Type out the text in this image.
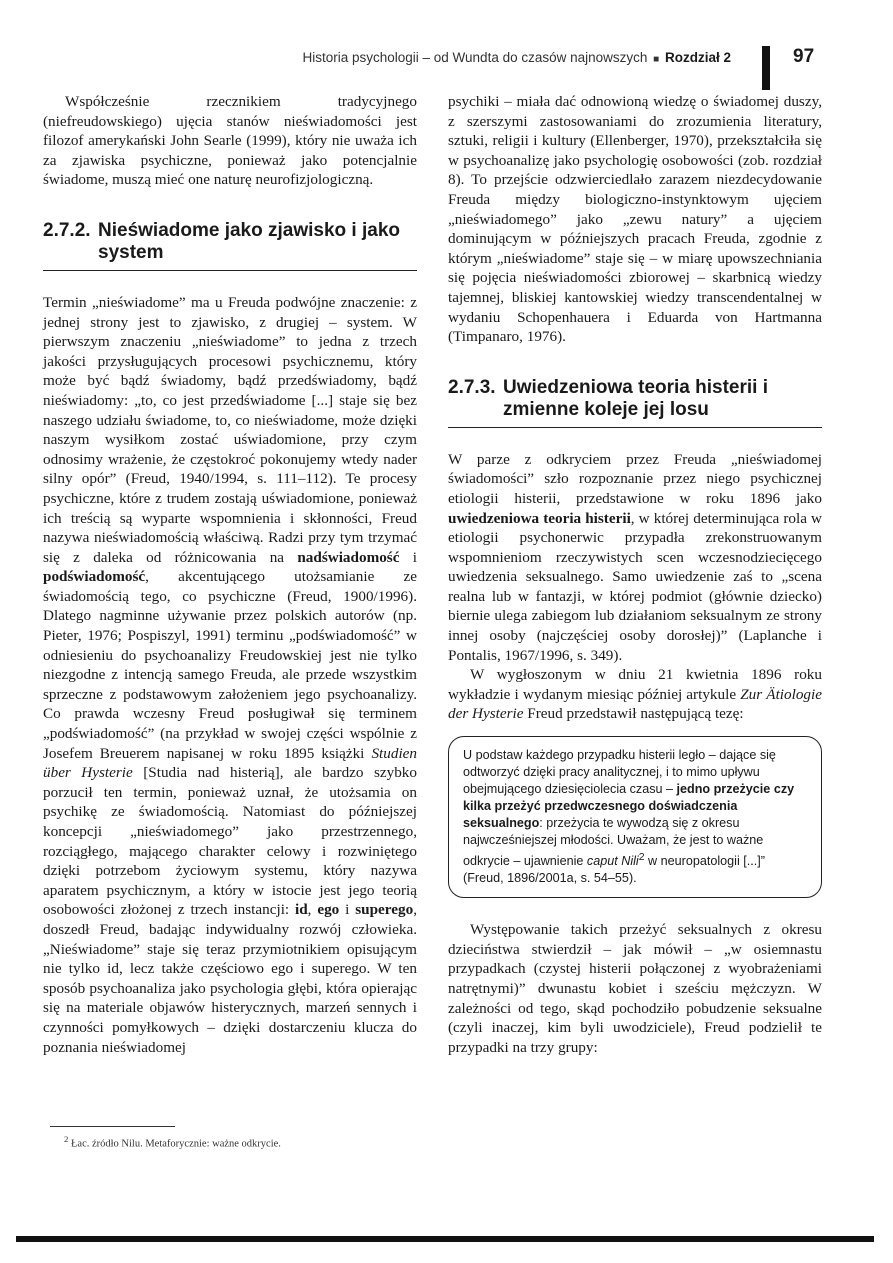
Historia psychologii – od Wundta do czasów najnowszych ■ Rozdział 2	97

Współcześnie rzecznikiem tradycyjnego (niefreudowskiego) ujęcia stanów nieświadomości jest filozof amerykański John Searle (1999), który nie uważa ich za zjawiska psychiczne, ponieważ jako potencjalnie świadome, muszą mieć one naturę neurofizjologiczną.

2.7.2. Nieświadome jako zjawisko i jako system

Termin „nieświadome” ma u Freuda podwójne znaczenie: z jednej strony jest to zjawisko, z drugiej – system. W pierwszym znaczeniu „nieświadome” to jedna z trzech jakości przysługujących procesowi psychicznemu, który może być bądź świadomy, bądź przedświadomy, bądź nieświadomy: „to, co jest przedświadome [...] staje się bez naszego udziału świadome, to, co nieświadome, może dzięki naszym wysiłkom zostać uświadomione, przy czym odnosimy wrażenie, że częstokroć pokonujemy wtedy nader silny opór” (Freud, 1940/1994, s. 111–112). Te procesy psychiczne, które z trudem zostają uświadomione, ponieważ ich treścią są wyparte wspomnienia i skłonności, Freud nazywa nieświadomością właściwą. Radzi przy tym trzymać się z daleka od różnicowania na nadświadomość i podświadomość, akcentującego utożsamianie ze świadomością tego, co psychiczne (Freud, 1900/1996). Dlatego nagminne używanie przez polskich autorów (np. Pieter, 1976; Pospiszyl, 1991) terminu „podświadomość” w odniesieniu do psychoanalizy Freudowskiej jest nie tylko niezgodne z intencją samego Freuda, ale przede wszystkim sprzeczne z podstawowym założeniem jego psychoanalizy. Co prawda wczesny Freud posługiwał się terminem „podświadomość” (na przykład w swojej części wspólnie z Josefem Breuerem napisanej w roku 1895 książki Studien über Hysterie [Studia nad histerią], ale bardzo szybko porzucił ten termin, ponieważ uznał, że utożsamia on psychikę ze świadomością. Natomiast do późniejszej koncepcji „nieświadomego” jako przestrzennego, rozciągłego, mającego charakter celowy i rozwiniętego dzięki potrzebom życiowym systemu, który nazywa aparatem psychicznym, a który w istocie jest jego teorią osobowości złożonej z trzech instancji: id, ego i superego, doszedł Freud, badając indywidualny rozwój człowieka. „Nieświadome” staje się teraz przymiotnikiem opisującym nie tylko id, lecz także częściowo ego i superego. W ten sposób psychoanaliza jako psychologia głębi, która opierając się na materiale objawów histerycznych, marzeń sennych i czynności pomyłkowych – dzięki dostarczeniu klucza do poznania nieświadomej

psychiki – miała dać odnowioną wiedzę o świadomej duszy, z szerszymi zastosowaniami do zrozumienia literatury, sztuki, religii i kultury (Ellenberger, 1970), przekształciła się w psychoanalizę jako psychologię osobowości (zob. rozdział 8). To przejście odzwierciedlało zarazem niezdecydowanie Freuda między biologiczno-instynktowym ujęciem „nieświadomego” jako „zewu natury” a ujęciem dominującym w późniejszych pracach Freuda, zgodnie z którym „nieświadome” staje się – w miarę upowszechniania się pojęcia nieświadomości zbiorowej – skarbnicą wiedzy tajemnej, bliskiej kantowskiej wiedzy transcendentalnej w wydaniu Schopenhauera i Eduarda von Hartmanna (Timpanaro, 1976).

2.7.3. Uwiedzeniowa teoria histerii i zmienne koleje jej losu

W parze z odkryciem przez Freuda „nieświadomej świadomości” szło rozpoznanie przez niego psychicznej etiologii histerii, przedstawione w roku 1896 jako uwiedzeniowa teoria histerii, w której determinująca rola w etiologii psychonerwic przypadła zrekonstruowanym wspomnieniom rzeczywistych scen wczesnodziecięcego uwiedzenia seksualnego. Samo uwiedzenie zaś to „scena realna lub w fantazji, w której podmiot (głównie dziecko) biernie ulega zabiegom lub działaniom seksualnym ze strony innej osoby (najczęściej osoby dorosłej)” (Laplanche i Pontalis, 1967/1996, s. 349).

W wygłoszonym w dniu 21 kwietnia 1896 roku wykładzie i wydanym miesiąc później artykule Zur Ätiologie der Hysterie Freud przedstawił następującą tezę:

U podstaw każdego przypadku histerii legło – dające się odtworzyć dzięki pracy analitycznej, i to mimo upływu obejmującego dziesięciolecia czasu – jedno przeżycie czy kilka przeżyć przedwczesnego doświadczenia seksualnego: przeżycia te wywodzą się z okresu najwcześniejszej młodości. Uważam, że jest to ważne odkrycie – ujawnienie caput Nili$^2$ w neuropatologii [...]” (Freud, 1896/2001a, s. 54–55).

Występowanie takich przeżyć seksualnych z okresu dzieciństwa stwierdził – jak mówił – „w osiemnastu przypadkach (czystej histerii połączonej z wyobrażeniami natrętnymi)” dwunastu kobiet i sześciu mężczyzn. W zależności od tego, skąd pochodziło pobudzenie seksualne (czyli inaczej, kim byli uwodziciele), Freud podzielił te przypadki na trzy grupy:

$^2$ Łac. źródło Nilu. Metaforycznie: ważne odkrycie.
